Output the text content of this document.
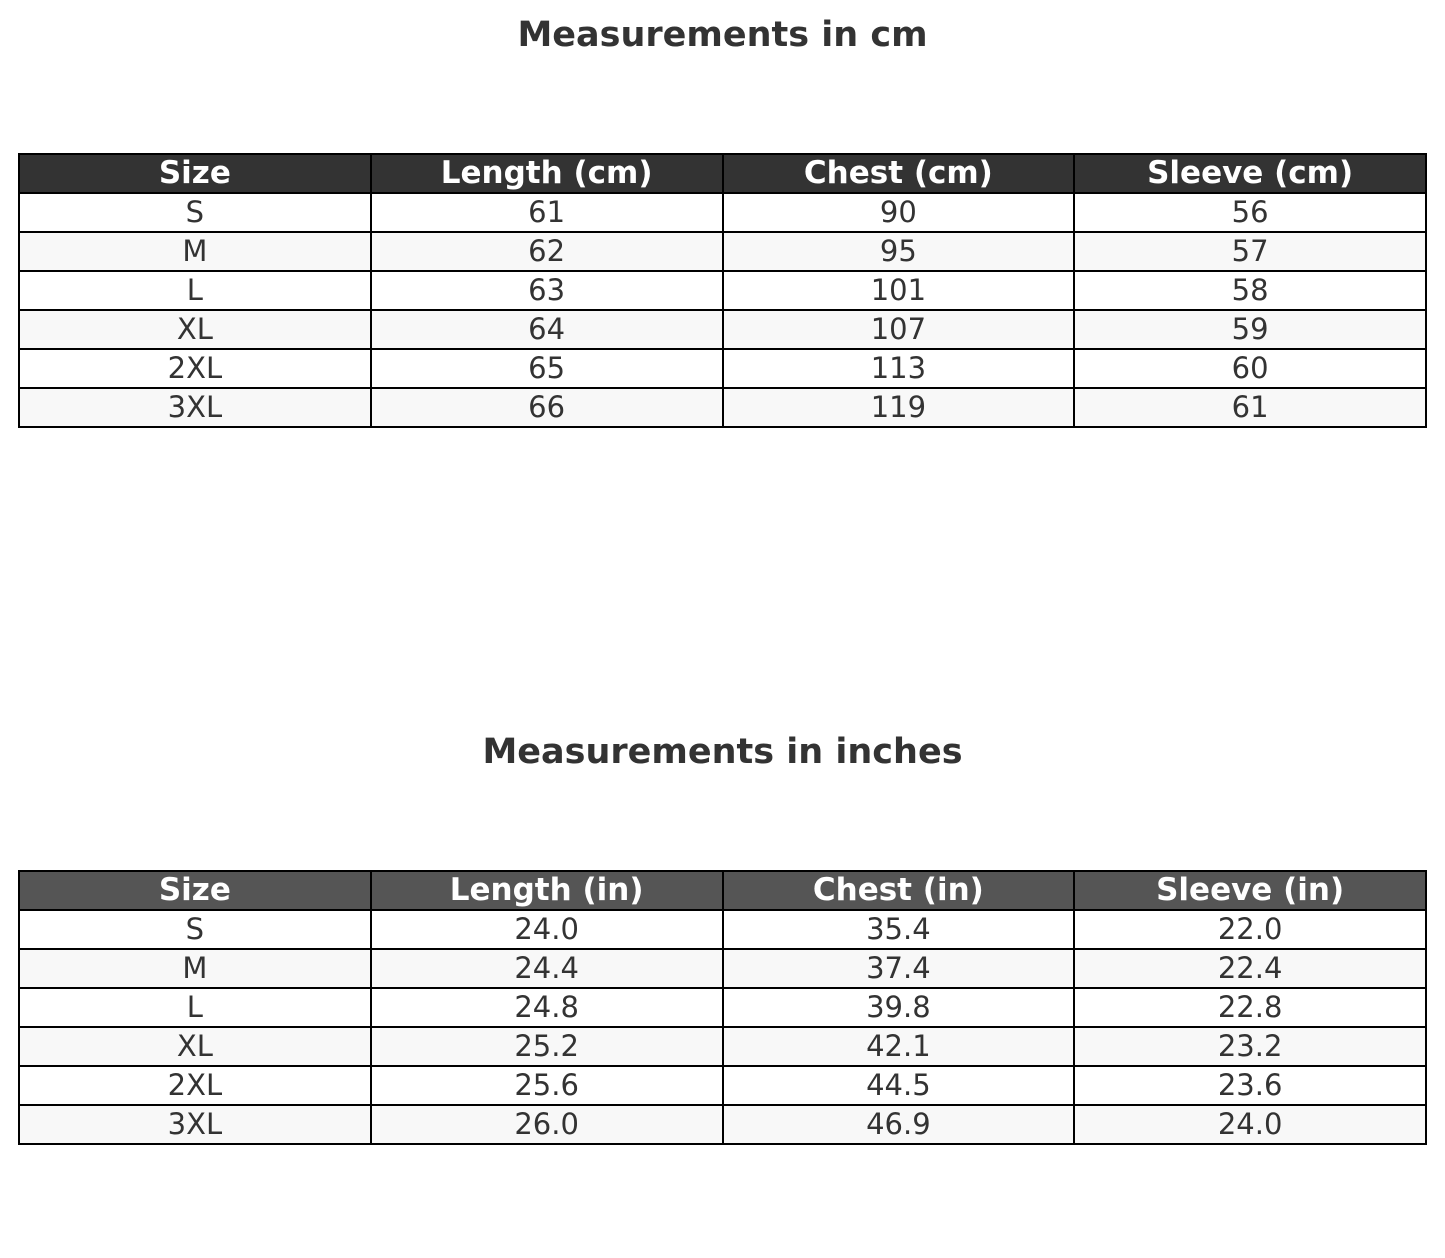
Measurements in cm
Size	Length (cm)	Chest (cm)	Sleeve (cm)
S	61	90	56
M	62	95	57
L	63	101	58
XL	64	107	59
2XL	65	113	60
3XL	66	119	61
Measurements in inches
Size	Length (in)	Chest (in)	Sleeve (in)
S	24.0	35.4	22.0
M	24.4	37.4	22.4
L	24.8	39.8	22.8
XL	25.2	42.1	23.2
2XL	25.6	44.5	23.6
3XL	26.0	46.9	24.0
